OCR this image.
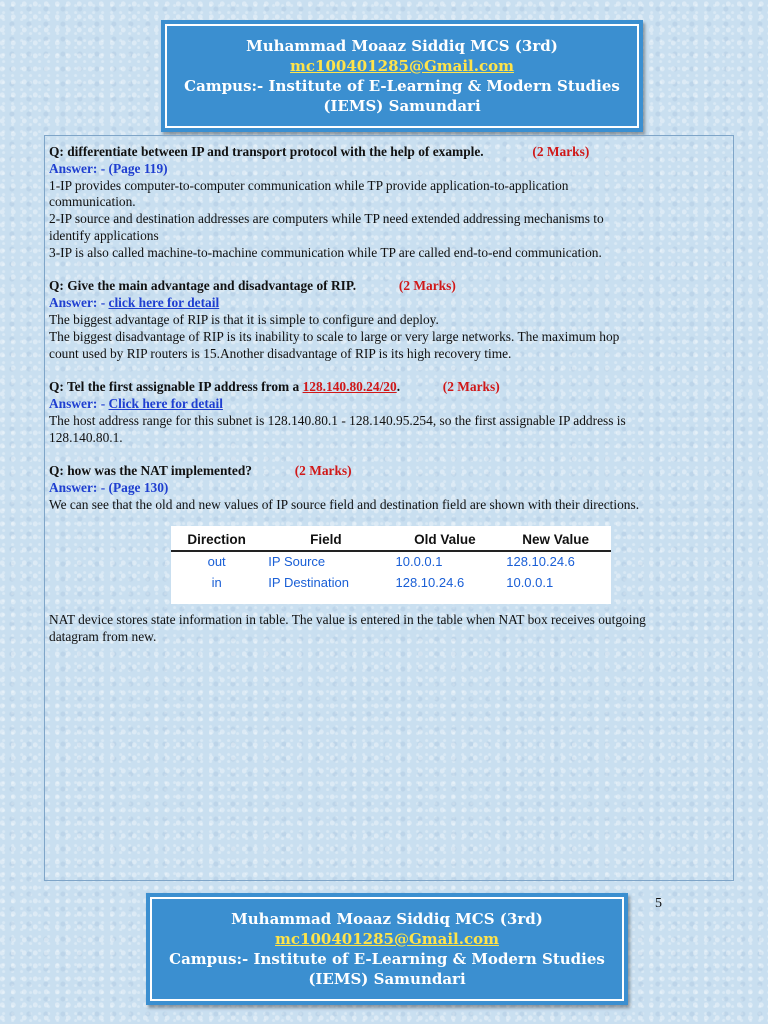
Muhammad Moaaz Siddiq MCS (3rd)
mc100401285@Gmail.com
Campus:- Institute of E-Learning & Modern Studies
(IEMS) Samundari

Q: differentiate between IP and transport protocol with the help of example.	(2 Marks)

Answer: - (Page 119)

1-IP provides computer-to-computer communication while TP provide application-to-application

communication.

2-IP source and destination addresses are computers while TP need extended addressing mechanisms to

identify applications

3-IP is also called machine-to-machine communication while TP are called end-to-end communication.

Q: Give the main advantage and disadvantage of RIP.	(2 Marks)

Answer: - click here for detail

The biggest advantage of RIP is that it is simple to configure and deploy.

The biggest disadvantage of RIP is its inability to scale to large or very large networks. The maximum hop

count used by RIP routers is 15.Another disadvantage of RIP is its high recovery time.

Q: Tel the first assignable IP address from a 128.140.80.24/20.	(2 Marks)

Answer: - Click here for detail

The host address range for this subnet is 128.140.80.1 - 128.140.95.254, so the first assignable IP address is

128.140.80.1.

Q: how was the NAT implemented?	(2 Marks)

Answer: - (Page 130)

We can see that the old and new values of IP source field and destination field are shown with their directions.

Direction	Field	Old Value	New Value
out	IP Source	10.0.0.1	128.10.24.6
in	IP Destination	128.10.24.6	10.0.0.1

NAT device stores state information in table. The value is entered in the table when NAT box receives outgoing

datagram from new.

5
Muhammad Moaaz Siddiq MCS (3rd)
mc100401285@Gmail.com
Campus:- Institute of E-Learning & Modern Studies
(IEMS) Samundari
